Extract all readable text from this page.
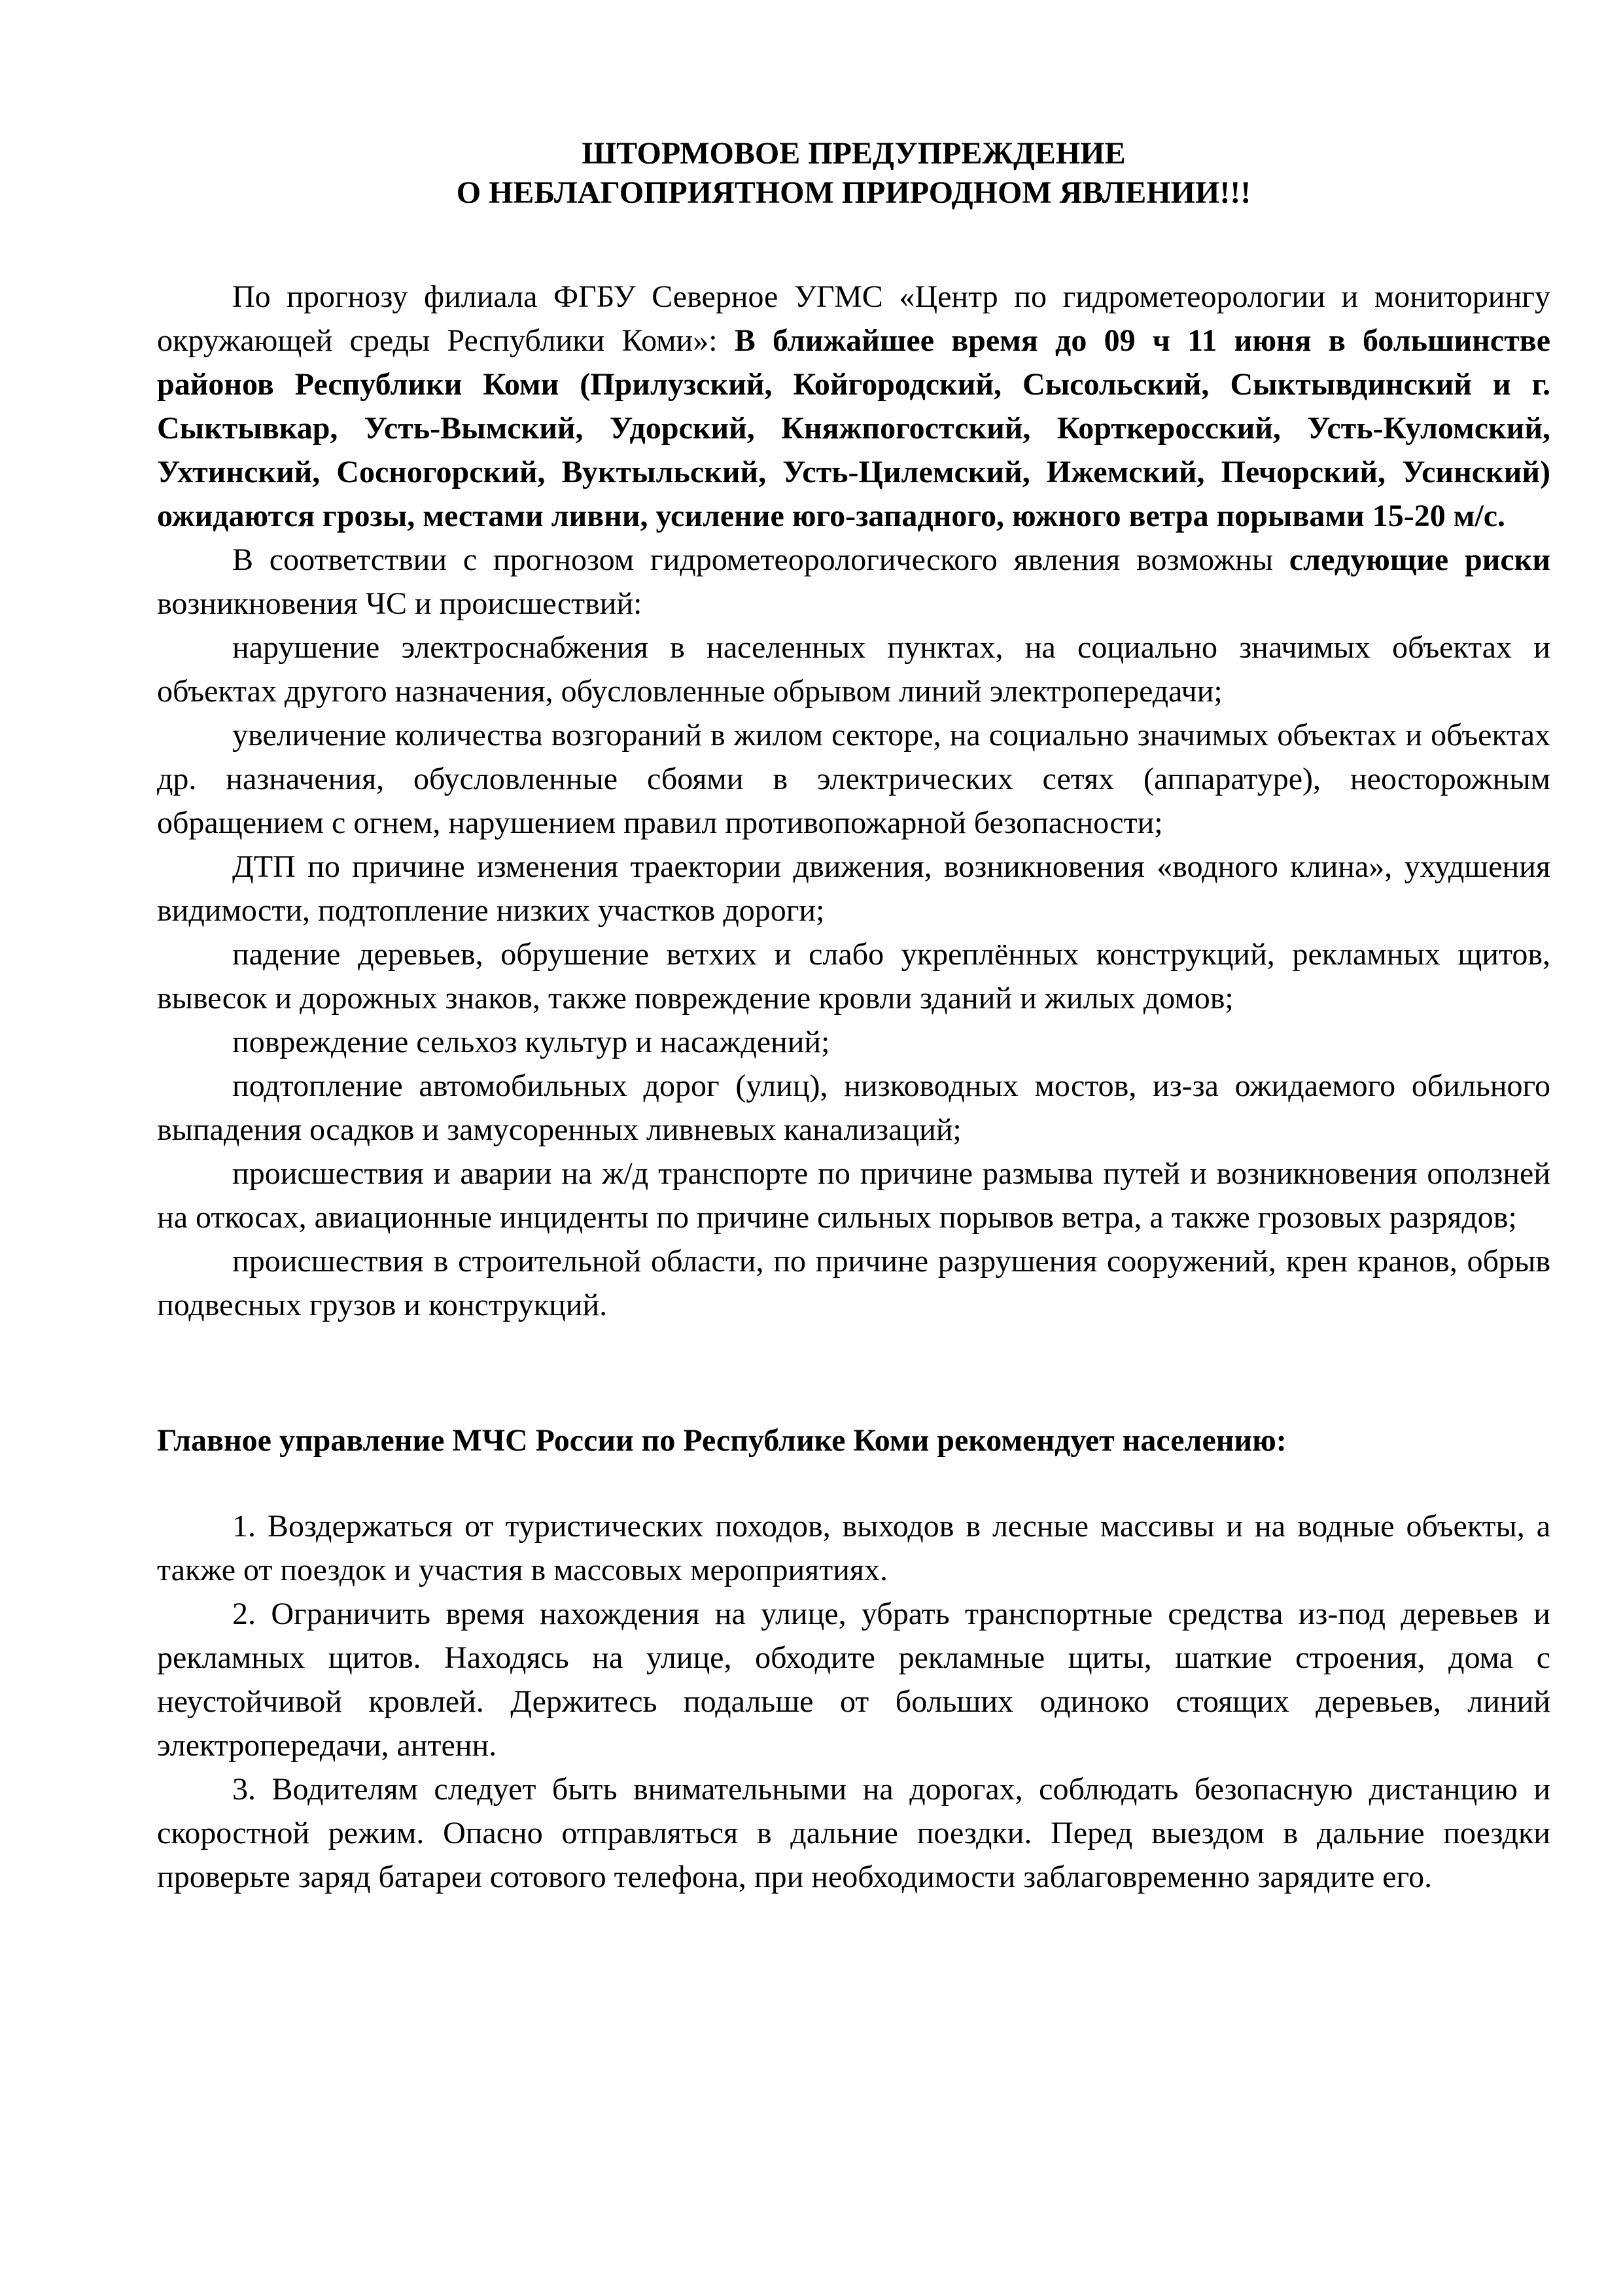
ШТОРМОВОЕ ПРЕДУПРЕЖДЕНИЕ
О НЕБЛАГОПРИЯТНОМ ПРИРОДНОМ ЯВЛЕНИИ!!!

По прогнозу филиала ФГБУ Северное УГМС «Центр по гидрометеорологии и мониторингу окружающей среды Республики Коми»: В ближайшее время до 09 ч 11 июня в большинстве районов Республики Коми (Прилузский, Койгородский, Сысольский, Сыктывдинский и г. Сыктывкар, Усть-Вымский, Удорский, Княжпогостский, Корткеросский, Усть-Куломский, Ухтинский, Сосногорский, Вуктыльский, Усть-Цилемский, Ижемский, Печорский, Усинский) ожидаются грозы, местами ливни, усиление юго-западного, южного ветра порывами 15-20 м/с.

В соответствии с прогнозом гидрометеорологического явления возможны следующие риски возникновения ЧС и происшествий:

нарушение электроснабжения в населенных пунктах, на социально значимых объектах и объектах другого назначения, обусловленные обрывом линий электропередачи;

увеличение количества возгораний в жилом секторе, на социально значимых объектах и объектах др. назначения, обусловленные сбоями в электрических сетях (аппаратуре), неосторожным обращением с огнем, нарушением правил противопожарной безопасности;

ДТП по причине изменения траектории движения, возникновения «водного клина», ухудшения видимости, подтопление низких участков дороги;

падение деревьев, обрушение ветхих и слабо укреплённых конструкций, рекламных щитов, вывесок и дорожных знаков, также повреждение кровли зданий и жилых домов;

повреждение сельхоз культур и насаждений;

подтопление автомобильных дорог (улиц), низководных мостов, из-за ожидаемого обильного выпадения осадков и замусоренных ливневых канализаций;

происшествия и аварии на ж/д транспорте по причине размыва путей и возникновения оползней на откосах, авиационные инциденты по причине сильных порывов ветра, а также грозовых разрядов;

происшествия в строительной области, по причине разрушения сооружений, крен кранов, обрыв подвесных грузов и конструкций.

Главное управление МЧС России по Республике Коми рекомендует населению:

1. Воздержаться от туристических походов, выходов в лесные массивы и на водные объекты, а также от поездок и участия в массовых мероприятиях.

2. Ограничить время нахождения на улице, убрать транспортные средства из-под деревьев и рекламных щитов. Находясь на улице, обходите рекламные щиты, шаткие строения, дома с неустойчивой кровлей. Держитесь подальше от больших одиноко стоящих деревьев, линий электропередачи, антенн.

3. Водителям следует быть внимательными на дорогах, соблюдать безопасную дистанцию и скоростной режим. Опасно отправляться в дальние поездки. Перед выездом в дальние поездки проверьте заряд батареи сотового телефона, при необходимости заблаговременно зарядите его.
